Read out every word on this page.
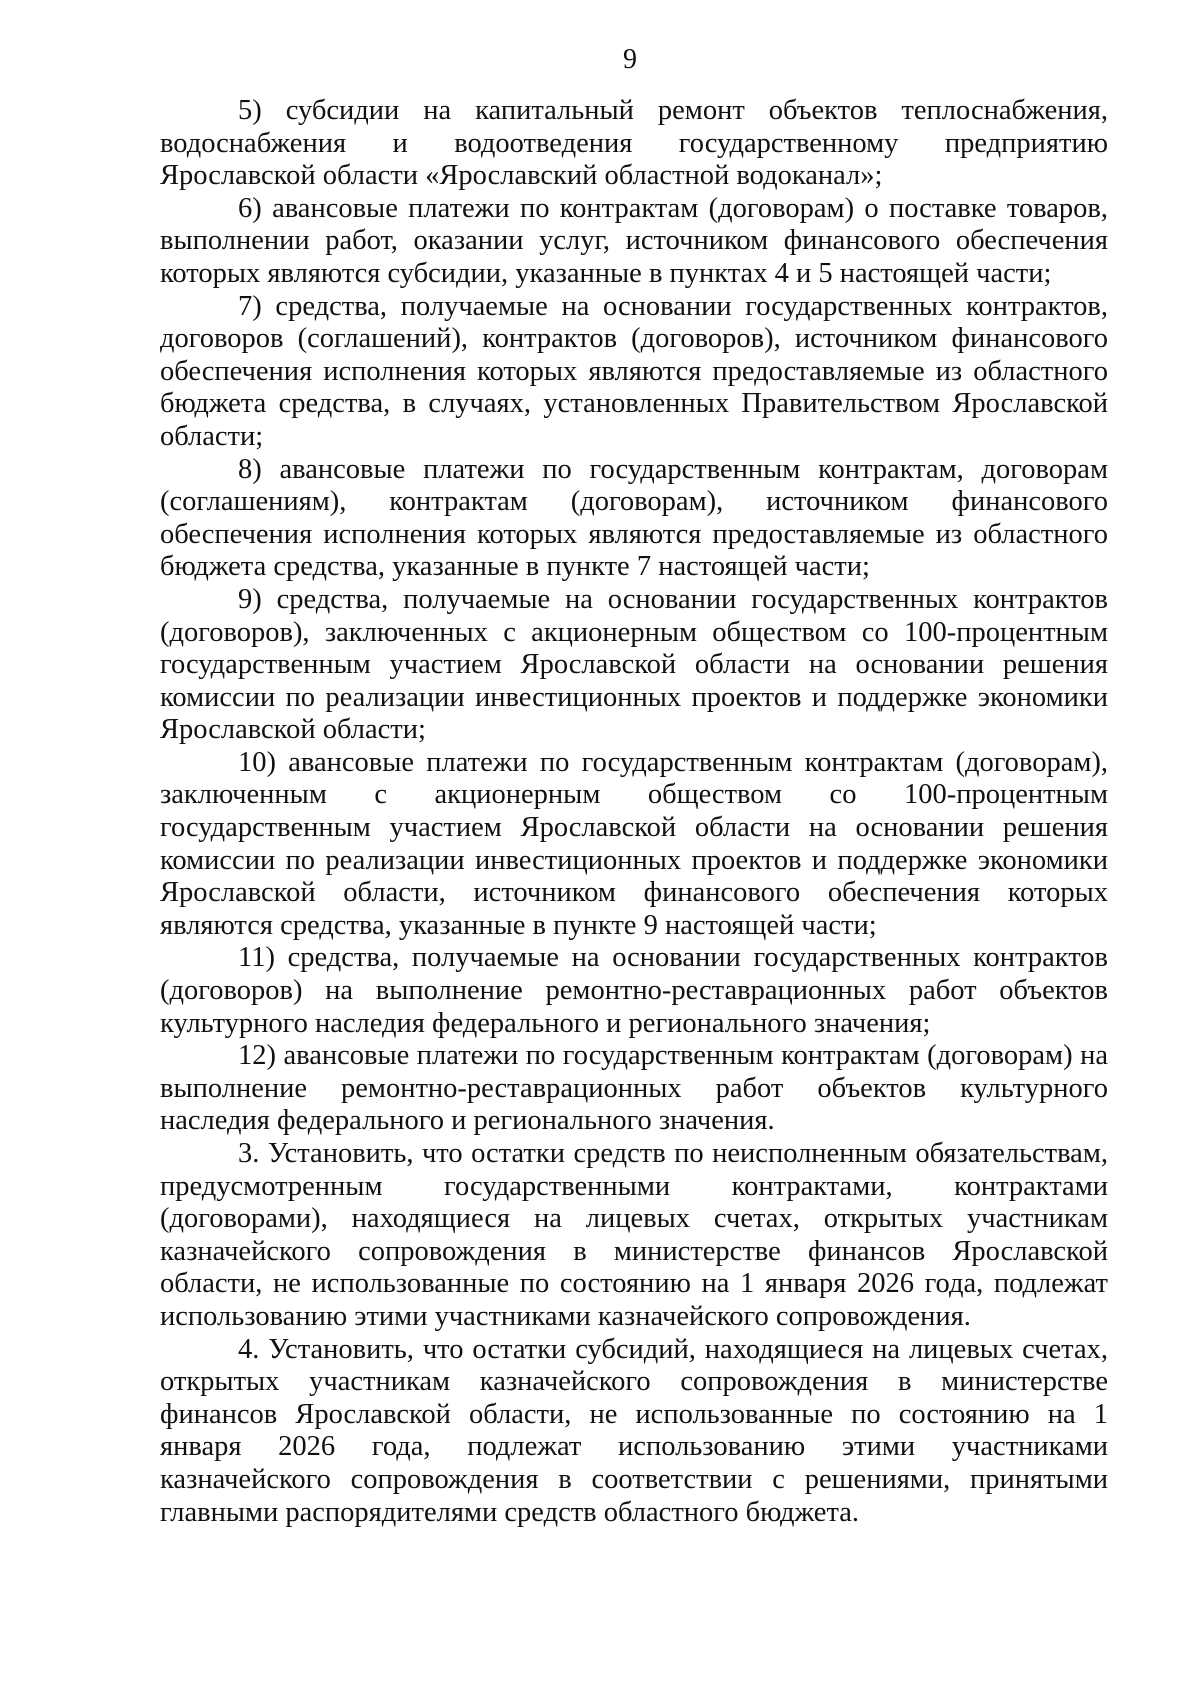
9

5) субсидии на капитальный ремонт объектов теплоснабжения, водоснабжения и водоотведения государственному предприятию Ярославской области «Ярославский областной водоканал»;

6) авансовые платежи по контрактам (договорам) о поставке товаров, выполнении работ, оказании услуг, источником финансового обеспечения которых являются субсидии, указанные в пунктах 4 и 5 настоящей части;

7) средства, получаемые на основании государственных контрактов, договоров (соглашений), контрактов (договоров), источником финансового обеспечения исполнения которых являются предоставляемые из областного бюджета средства, в случаях, установленных Правительством Ярославской области;

8) авансовые платежи по государственным контрактам, договорам (соглашениям), контрактам (договорам), источником финансового обеспечения исполнения которых являются предоставляемые из областного бюджета средства, указанные в пункте 7 настоящей части;

9) средства, получаемые на основании государственных контрактов (договоров), заключенных с акционерным обществом со 100-процентным государственным участием Ярославской области на основании решения комиссии по реализации инвестиционных проектов и поддержке экономики Ярославской области;

10) авансовые платежи по государственным контрактам (договорам), заключенным с акционерным обществом со 100-процентным государственным участием Ярославской области на основании решения комиссии по реализации инвестиционных проектов и поддержке экономики Ярославской области, источником финансового обеспечения которых являются средства, указанные в пункте 9 настоящей части;

11) средства, получаемые на основании государственных контрактов (договоров) на выполнение ремонтно-реставрационных работ объектов культурного наследия федерального и регионального значения;

12) авансовые платежи по государственным контрактам (договорам) на выполнение ремонтно-реставрационных работ объектов культурного наследия федерального и регионального значения.

3. Установить, что остатки средств по неисполненным обязательствам, предусмотренным государственными контрактами, контрактами (договорами), находящиеся на лицевых счетах, открытых участникам казначейского сопровождения в министерстве финансов Ярославской области, не использованные по состоянию на 1 января 2026 года, подлежат использованию этими участниками казначейского сопровождения.

4. Установить, что остатки субсидий, находящиеся на лицевых счетах, открытых участникам казначейского сопровождения в министерстве финансов Ярославской области, не использованные по состоянию на 1 января 2026 года, подлежат использованию этими участниками казначейского сопровождения в соответствии с решениями, принятыми главными распорядителями средств областного бюджета.
